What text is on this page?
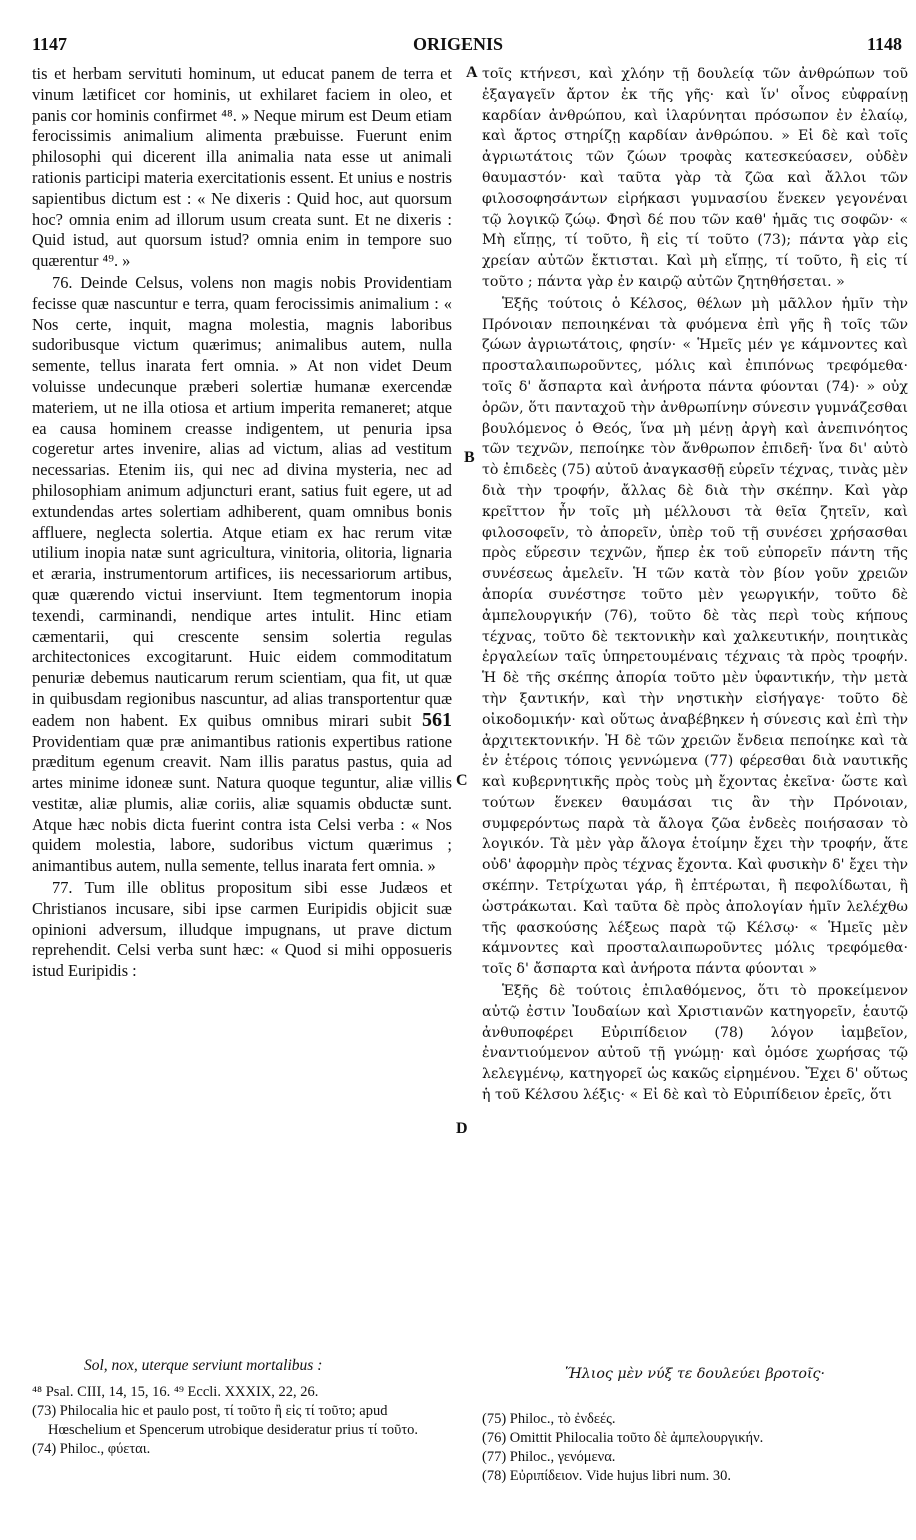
1147	ORIGENIS	1148

tis et herbam servituti hominum, ut educat panem de terra et vinum lætificet cor hominis, ut exhilaret faciem in oleo, et panis cor hominis confirmet ⁴⁸. » Neque mirum est Deum etiam ferocissimis animalium alimenta præbuisse. Fuerunt enim philosophi qui dicerent illa animalia nata esse ut animali rationis participi materia exercitationis essent. Et unius e nostris sapientibus dictum est : « Ne dixeris : Quid hoc, aut quorsum hoc? omnia enim ad illorum usum creata sunt. Et ne dixeris : Quid istud, aut quorsum istud? omnia enim in tempore suo quærentur ⁴⁹. »

76. Deinde Celsus, volens non magis nobis Providentiam fecisse quæ nascuntur e terra, quam ferocissimis animalium : « Nos certe, inquit, magna molestia, magnis laboribus sudoribusque victum quærimus; animalibus autem, nulla semente, tellus inarata fert omnia. » At non videt Deum voluisse undecunque præberi solertiæ humanæ exercendæ materiem, ut ne illa otiosa et artium imperita remaneret; atque ea causa hominem creasse indigentem, ut penuria ipsa cogeretur artes invenire, alias ad victum, alias ad vestitum necessarias. Etenim iis, qui nec ad divina mysteria, nec ad philosophiam animum adjuncturi erant, satius fuit egere, ut ad extundendas artes solertiam adhiberent, quam omnibus bonis affluere, neglecta solertia. Atque etiam ex hac rerum vitæ utilium inopia natæ sunt agricultura, vinitoria, olitoria, lignaria et æraria, instrumentorum artifices, iis necessariorum artibus, quæ quærendo victui inserviunt. Item tegmentorum inopia texendi, carminandi, nendique artes intulit. Hinc etiam cæmentarii, qui crescente sensim solertia regulas architectonices excogitarunt. Huic eidem commoditatum penuriæ debemus nauticarum rerum scientiam, qua fit, ut quæ in quibusdam regionibus nascuntur, ad alias transportentur quæ eadem non habent. Ex quibus omnibus mirari subit 561 Providentiam quæ præ animantibus rationis expertibus ratione præditum egenum creavit. Nam illis paratus pastus, quia ad artes minime idoneæ sunt. Natura quoque teguntur, aliæ villis vestitæ, aliæ plumis, aliæ coriis, aliæ squamis obductæ sunt. Atque hæc nobis dicta fuerint contra ista Celsi verba : « Nos quidem molestia, labore, sudoribus victum quærimus ; animantibus autem, nulla semente, tellus inarata fert omnia. »

77. Tum ille oblitus propositum sibi esse Judæos et Christianos incusare, sibi ipse carmen Euripidis objicit suæ opinioni adversum, illudque impugnans, ut prave dictum reprehendit. Celsi verba sunt hæc: « Quod si mihi opposueris istud Euripidis :

τοῖς κτήνεσι, καὶ χλόην τῇ δουλείᾳ τῶν ἀνθρώπων τοῦ ἐξαγαγεῖν ἄρτον ἐκ τῆς γῆς· καὶ ἵν' οἶνος εὐφραίνῃ καρδίαν ἀνθρώπου, καὶ ἱλαρύνηται πρόσωπον ἐν ἐλαίῳ, καὶ ἄρτος στηρίζῃ καρδίαν ἀνθρώπου. » Εἰ δὲ καὶ τοῖς ἀγριωτάτοις τῶν ζώων τροφὰς κατεσκεύασεν, οὐδὲν θαυμαστόν· καὶ ταῦτα γὰρ τὰ ζῶα καὶ ἄλλοι τῶν φιλοσοφησάντων εἰρήκασι γυμνασίου ἕνεκεν γεγονέναι τῷ λογικῷ ζώῳ. Φησὶ δέ που τῶν καθ' ἡμᾶς τις σοφῶν· « Μὴ εἴπῃς, τί τοῦτο, ἢ εἰς τί τοῦτο (73); πάντα γὰρ εἰς χρείαν αὐτῶν ἔκτισται. Καὶ μὴ εἴπῃς, τί τοῦτο, ἢ εἰς τί τοῦτο ; πάντα γὰρ ἐν καιρῷ αὐτῶν ζητηθήσεται. »

Ἑξῆς τούτοις ὁ Κέλσος, θέλων μὴ μᾶλλον ἡμῖν τὴν Πρόνοιαν πεποιηκέναι τὰ φυόμενα ἐπὶ γῆς ἢ τοῖς τῶν ζώων ἀγριωτάτοις, φησίν· « Ἡμεῖς μέν γε κάμνοντες καὶ προσταλαιπωροῦντες, μόλις καὶ ἐπιπόνως τρεφόμεθα· τοῖς δ' ἄσπαρτα καὶ ἀνήροτα πάντα φύονται (74)· » οὐχ ὁρῶν, ὅτι πανταχοῦ τὴν ἀνθρωπίνην σύνεσιν γυμνάζεσθαι βουλόμενος ὁ Θεός, ἵνα μὴ μένῃ ἀργὴ καὶ ἀνεπινόητος τῶν τεχνῶν, πεποίηκε τὸν ἄνθρωπον ἐπιδεῆ· ἵνα δι' αὐτὸ τὸ ἐπιδεὲς (75) αὐτοῦ ἀναγκασθῇ εὑρεῖν τέχνας, τινὰς μὲν διὰ τὴν τροφήν, ἄλλας δὲ διὰ τὴν σκέπην. Καὶ γὰρ κρεῖττον ἦν τοῖς μὴ μέλλουσι τὰ θεῖα ζητεῖν, καὶ φιλοσοφεῖν, τὸ ἀπορεῖν, ὑπὲρ τοῦ τῇ συνέσει χρήσασθαι πρὸς εὕρεσιν τεχνῶν, ἤπερ ἐκ τοῦ εὐπορεῖν πάντη τῆς συνέσεως ἀμελεῖν. Ἡ τῶν κατὰ τὸν βίον γοῦν χρειῶν ἀπορία συνέστησε τοῦτο μὲν γεωργικήν, τοῦτο δὲ ἀμπελουργικήν (76), τοῦτο δὲ τὰς περὶ τοὺς κήπους τέχνας, τοῦτο δὲ τεκτονικὴν καὶ χαλκευτικήν, ποιητικὰς ἐργαλείων ταῖς ὑπηρετουμέναις τέχναις τὰ πρὸς τροφήν. Ἡ δὲ τῆς σκέπης ἀπορία τοῦτο μὲν ὑφαντικήν, τὴν μετὰ τὴν ξαντικήν, καὶ τὴν νηστικὴν εἰσήγαγε· τοῦτο δὲ οἰκοδομικήν· καὶ οὕτως ἀναβέβηκεν ἡ σύνεσις καὶ ἐπὶ τὴν ἀρχιτεκτονικήν. Ἡ δὲ τῶν χρειῶν ἔνδεια πεποίηκε καὶ τὰ ἐν ἑτέροις τόποις γεννώμενα (77) φέρεσθαι διὰ ναυτικῆς καὶ κυβερνητικῆς πρὸς τοὺς μὴ ἔχοντας ἐκεῖνα· ὥστε καὶ τούτων ἕνεκεν θαυμάσαι τις ἂν τὴν Πρόνοιαν, συμφερόντως παρὰ τὰ ἄλογα ζῶα ἐνδεὲς ποιήσασαν τὸ λογικόν. Τὰ μὲν γὰρ ἄλογα ἑτοίμην ἔχει τὴν τροφήν, ἅτε οὐδ' ἀφορμὴν πρὸς τέχνας ἔχοντα. Καὶ φυσικὴν δ' ἔχει τὴν σκέπην. Τετρίχωται γάρ, ἢ ἐπτέρωται, ἢ πεφολίδωται, ἢ ὠστράκωται. Καὶ ταῦτα δὲ πρὸς ἀπολογίαν ἡμῖν λελέχθω τῆς φασκούσης λέξεως παρὰ τῷ Κέλσῳ· « Ἡμεῖς μὲν κάμνοντες καὶ προσταλαιπωροῦντες μόλις τρεφόμεθα· τοῖς δ' ἄσπαρτα καὶ ἀνήροτα πάντα φύονται »

Ἑξῆς δὲ τούτοις ἐπιλαθόμενος, ὅτι τὸ προκείμενον αὐτῷ ἐστιν Ἰουδαίων καὶ Χριστιανῶν κατηγορεῖν, ἑαυτῷ ἀνθυποφέρει Εὐριπίδειον (78) λόγον ἰαμβεῖον, ἐναντιούμενον αὐτοῦ τῇ γνώμῃ· καὶ ὁμόσε χωρήσας τῷ λελεγμένῳ, κατηγορεῖ ὡς κακῶς εἰρημένου. Ἔχει δ' οὕτως ἡ τοῦ Κέλσου λέξις· « Εἰ δὲ καὶ τὸ Εὐριπίδειον ἐρεῖς, ὅτι

A
B
C
D
Sol, nox, uterque serviunt mortalibus :	Ἥλιος μὲν νύξ τε δουλεύει βροτοῖς·

⁴⁸ Psal. CIII, 14, 15, 16. ⁴⁹ Eccli. XXXIX, 22, 26.

(73) Philocalia hic et paulo post, τί τοῦτο ἢ εἰς τί τοῦτο; apud Hœschelium et Spencerum utrobique desideratur prius τί τοῦτο.

(74) Philoc., φύεται.

(75) Philoc., τὸ ἐνδεές.

(76) Omittit Philocalia τοῦτο δὲ ἀμπελουργικήν.

(77) Philoc., γενόμενα.

(78) Εὐριπίδειον. Vide hujus libri num. 30.
